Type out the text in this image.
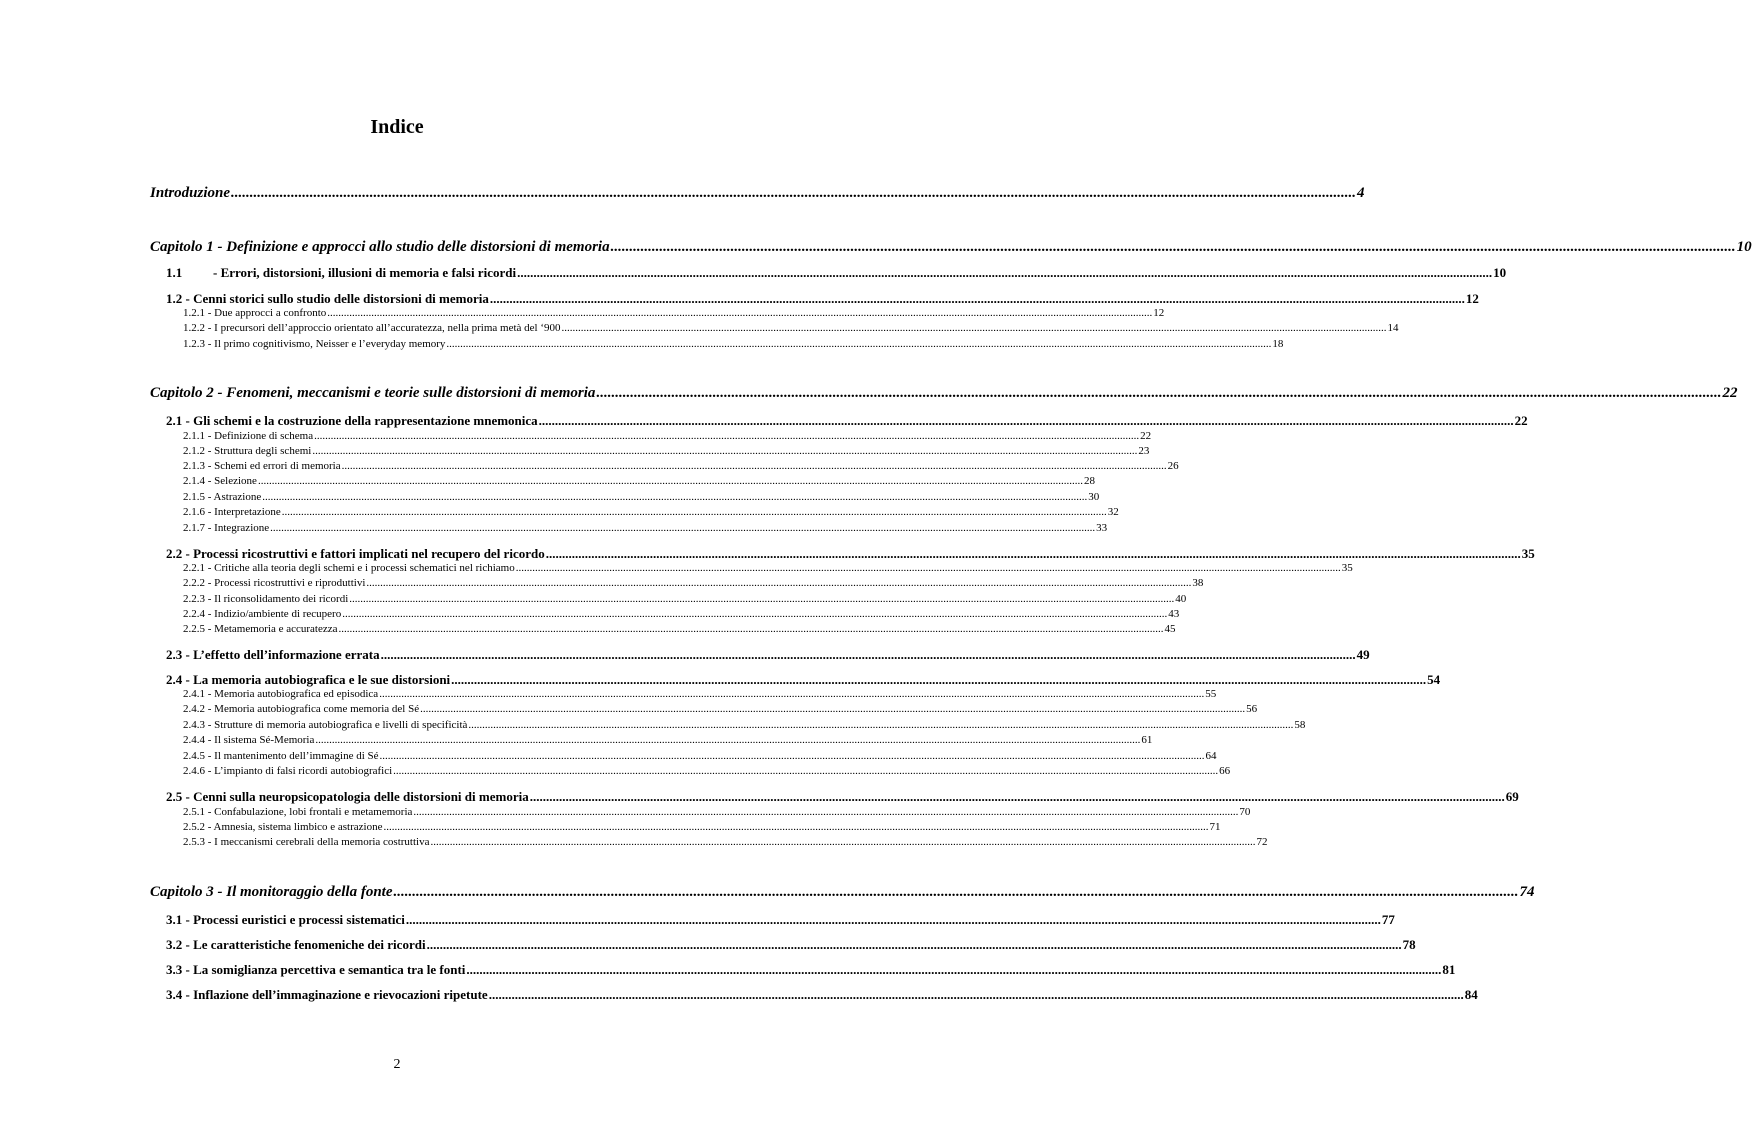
Indice
Introduzione ............................................................................................................................................................................................................................................................................................................ 4
Capitolo 1 - Definizione e approcci allo studio delle distorsioni di memoria ............................................................................................................................................................................................................................................................................................................ 10
1.1 - Errori, distorsioni, illusioni di memoria e falsi ricordi ............................................................................................................................................................................................................................................................................................................ 10
1.2 - Cenni storici sullo studio delle distorsioni di memoria ............................................................................................................................................................................................................................................................................................................ 12
1.2.1 - Due approcci a confronto ............................................................................................................................................................................................................................................................................................................ 12
1.2.2 - I precursori dell’approccio orientato all’accuratezza, nella prima metà del ‘900 ............................................................................................................................................................................................................................................................................................................ 14
1.2.3 - Il primo cognitivismo, Neisser e l’everyday memory ............................................................................................................................................................................................................................................................................................................ 18
Capitolo 2 - Fenomeni, meccanismi e teorie sulle distorsioni di memoria ............................................................................................................................................................................................................................................................................................................ 22
2.1 - Gli schemi e la costruzione della rappresentazione mnemonica ............................................................................................................................................................................................................................................................................................................ 22
2.1.1 - Definizione di schema ............................................................................................................................................................................................................................................................................................................ 22
2.1.2 - Struttura degli schemi ............................................................................................................................................................................................................................................................................................................ 23
2.1.3 - Schemi ed errori di memoria ............................................................................................................................................................................................................................................................................................................ 26
2.1.4 - Selezione ............................................................................................................................................................................................................................................................................................................ 28
2.1.5 - Astrazione ............................................................................................................................................................................................................................................................................................................ 30
2.1.6 - Interpretazione ............................................................................................................................................................................................................................................................................................................ 32
2.1.7 - Integrazione ............................................................................................................................................................................................................................................................................................................ 33
2.2 - Processi ricostruttivi e fattori implicati nel recupero del ricordo ............................................................................................................................................................................................................................................................................................................ 35
2.2.1 - Critiche alla teoria degli schemi e i processi schematici nel richiamo ............................................................................................................................................................................................................................................................................................................ 35
2.2.2 - Processi ricostruttivi e riproduttivi ............................................................................................................................................................................................................................................................................................................ 38
2.2.3 - Il riconsolidamento dei ricordi ............................................................................................................................................................................................................................................................................................................ 40
2.2.4 - Indizio/ambiente di recupero ............................................................................................................................................................................................................................................................................................................ 43
2.2.5 - Metamemoria e accuratezza ............................................................................................................................................................................................................................................................................................................ 45
2.3 - L’effetto dell’informazione errata ............................................................................................................................................................................................................................................................................................................ 49
2.4 - La memoria autobiografica e le sue distorsioni ............................................................................................................................................................................................................................................................................................................ 54
2.4.1 - Memoria autobiografica ed episodica ............................................................................................................................................................................................................................................................................................................ 55
2.4.2 - Memoria autobiografica come memoria del Sé ............................................................................................................................................................................................................................................................................................................ 56
2.4.3 - Strutture di memoria autobiografica e livelli di specificità ............................................................................................................................................................................................................................................................................................................ 58
2.4.4 - Il sistema Sé-Memoria ............................................................................................................................................................................................................................................................................................................ 61
2.4.5 - Il mantenimento dell’immagine di Sé ............................................................................................................................................................................................................................................................................................................ 64
2.4.6 - L’impianto di falsi ricordi autobiografici ............................................................................................................................................................................................................................................................................................................ 66
2.5 - Cenni sulla neuropsicopatologia delle distorsioni di memoria ............................................................................................................................................................................................................................................................................................................ 69
2.5.1 - Confabulazione, lobi frontali e metamemoria ............................................................................................................................................................................................................................................................................................................ 70
2.5.2 - Amnesia, sistema limbico e astrazione ............................................................................................................................................................................................................................................................................................................ 71
2.5.3 - I meccanismi cerebrali della memoria costruttiva ............................................................................................................................................................................................................................................................................................................ 72
Capitolo 3 - Il monitoraggio della fonte ............................................................................................................................................................................................................................................................................................................ 74
3.1 - Processi euristici e processi sistematici ............................................................................................................................................................................................................................................................................................................ 77
3.2 - Le caratteristiche fenomeniche dei ricordi ............................................................................................................................................................................................................................................................................................................ 78
3.3 - La somiglianza percettiva e semantica tra le fonti ............................................................................................................................................................................................................................................................................................................ 81
3.4 - Inflazione dell’immaginazione e rievocazioni ripetute ............................................................................................................................................................................................................................................................................................................ 84

2
